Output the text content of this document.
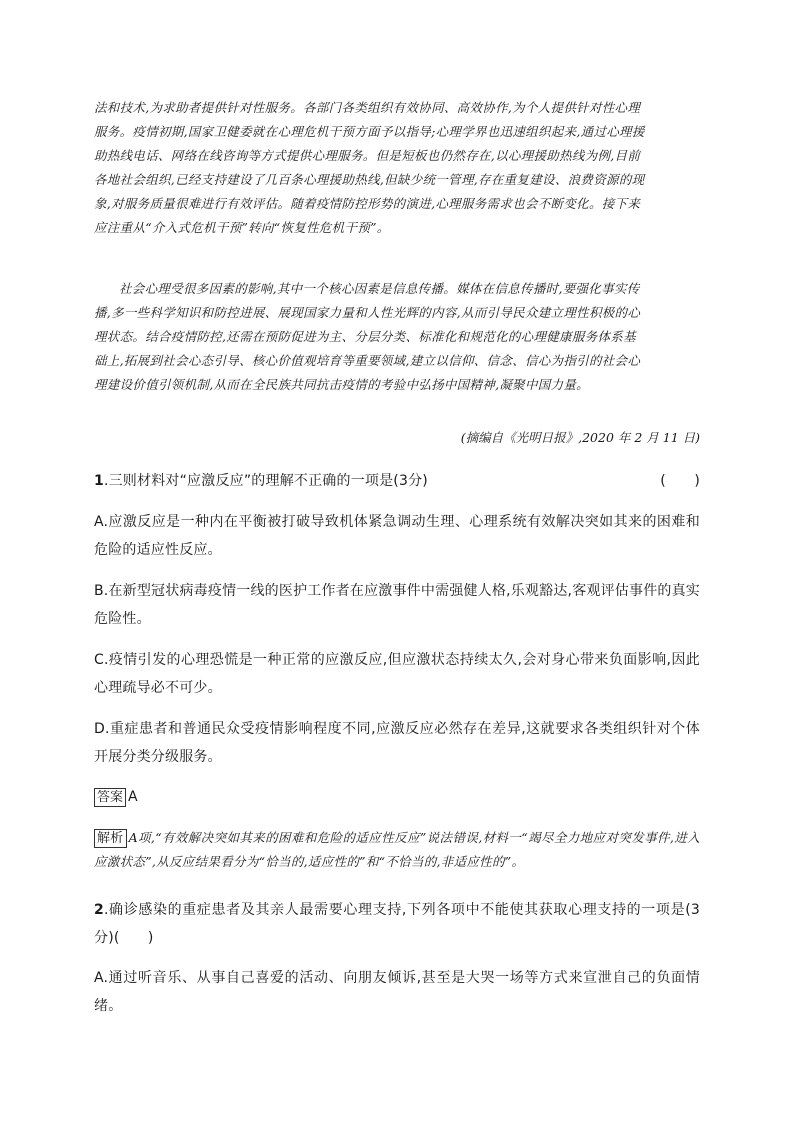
法和技术,为求助者提供针对性服务。各部门各类组织有效协同、高效协作,为个人提供针对性心理

服务。疫情初期,国家卫健委就在心理危机干预方面予以指导;心理学界也迅速组织起来,通过心理援

助热线电话、网络在线咨询等方式提供心理服务。但是短板也仍然存在,以心理援助热线为例,目前

各地社会组织,已经支持建设了几百条心理援助热线,但缺少统一管理,存在重复建设、浪费资源的现

象,对服务质量很难进行有效评估。随着疫情防控形势的演进,心理服务需求也会不断变化。接下来

应注重从“介入式危机干预”转向“恢复性危机干预”。

社会心理受很多因素的影响,其中一个核心因素是信息传播。媒体在信息传播时,要强化事实传

播,多一些科学知识和防控进展、展现国家力量和人性光辉的内容,从而引导民众建立理性积极的心

理状态。结合疫情防控,还需在预防促进为主、分层分类、标准化和规范化的心理健康服务体系基

础上,拓展到社会心态引导、核心价值观培育等重要领域,建立以信仰、信念、信心为指引的社会心

理建设价值引领机制,从而在全民族共同抗击疫情的考验中弘扬中国精神,凝聚中国力量。

(摘编自《光明日报》,2020 年 2 月 11 日)
1.三则材料对“应激反应”的理解不正确的一项是(3分)	(　　)
A.应激反应是一种内在平衡被打破导致机体紧急调动生理、心理系统有效解决突如其来的困难和危险的适应性反应。
B.在新型冠状病毒疫情一线的医护工作者在应激事件中需强健人格,乐观豁达,客观评估事件的真实危险性。
C.疫情引发的心理恐慌是一种正常的应激反应,但应激状态持续太久,会对身心带来负面影响,因此心理疏导必不可少。
D.重症患者和普通民众受疫情影响程度不同,应激反应必然存在差异,这就要求各类组织针对个体开展分类分级服务。
答案 A
解析 A项,“有效解决突如其来的困难和危险的适应性反应”说法错误,材料一“竭尽全力地应对突发事件,进入应激状态”,从反应结果看分为“恰当的,适应性的”和“不恰当的,非适应性的”。
2.确诊感染的重症患者及其亲人最需要心理支持,下列各项中不能使其获取心理支持的一项是(3分)(　　)
A.通过听音乐、从事自己喜爱的活动、向朋友倾诉,甚至是大哭一场等方式来宣泄自己的负面情绪。
